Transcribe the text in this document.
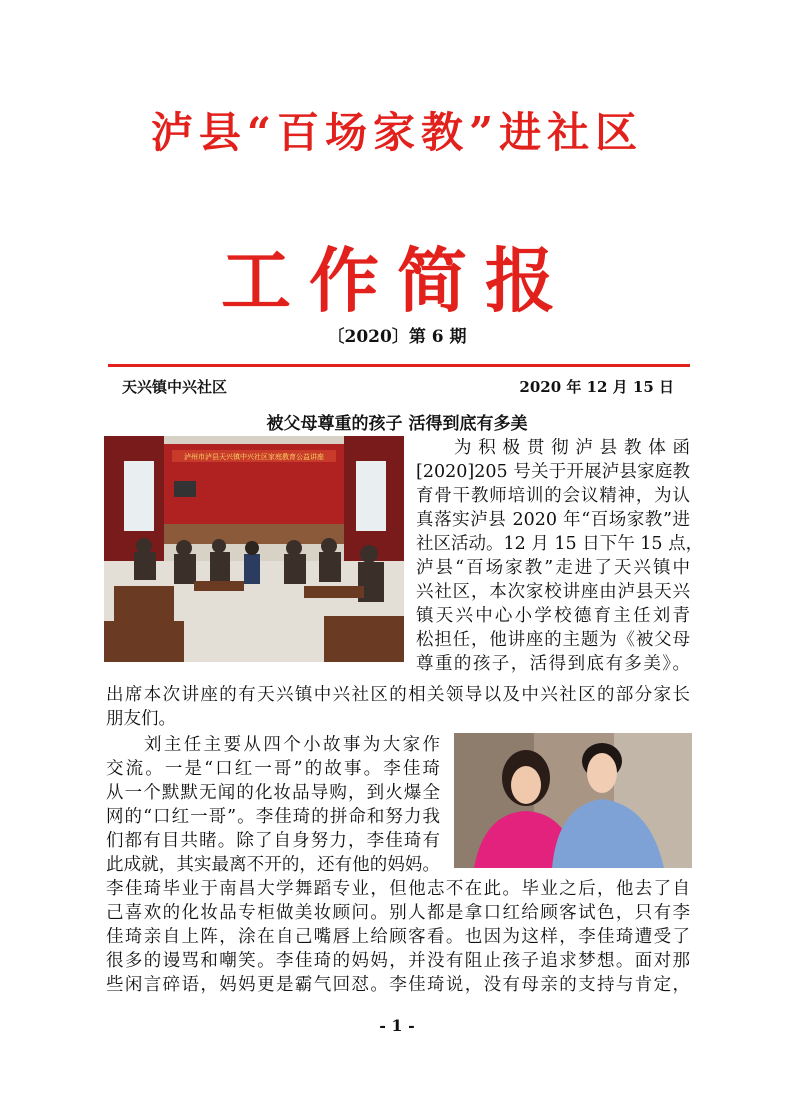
泸县“百场家教”进社区
工作简报
〔2020〕第 6 期
天兴镇中兴社区	2020 年 12 月 15 日
被父母尊重的孩子 活得到底有多美
泸州市泸县天兴镇中兴社区家庭教育公益讲座	为积极贯彻泸县教体函
[2020]205 号关于开展泸县家庭教
育骨干教师培训的会议精神，为认
真落实泸县 2020 年“百场家教”进
社区活动。12 月 15 日下午 15 点，
泸县“百场家教”走进了天兴镇中
兴社区，本次家校讲座由泸县天兴
镇天兴中心小学校德育主任刘青
松担任，他讲座的主题为《被父母
尊重的孩子，活得到底有多美》。
出席本次讲座的有天兴镇中兴社区的相关领导以及中兴社区的部分家长
朋友们。
刘主任主要从四个小故事为大家作
交流。一是“口红一哥”的故事。李佳琦
从一个默默无闻的化妆品导购，到火爆全
网的“口红一哥”。李佳琦的拼命和努力我
们都有目共睹。除了自身努力，李佳琦有
此成就，其实最离不开的，还有他的妈妈。
李佳琦毕业于南昌大学舞蹈专业，但他志不在此。毕业之后，他去了自
己喜欢的化妆品专柜做美妆顾问。别人都是拿口红给顾客试色，只有李
佳琦亲自上阵，涂在自己嘴唇上给顾客看。也因为这样，李佳琦遭受了
很多的谩骂和嘲笑。李佳琦的妈妈，并没有阻止孩子追求梦想。面对那
些闲言碎语，妈妈更是霸气回怼。李佳琦说，没有母亲的支持与肯定，
- 1 -
